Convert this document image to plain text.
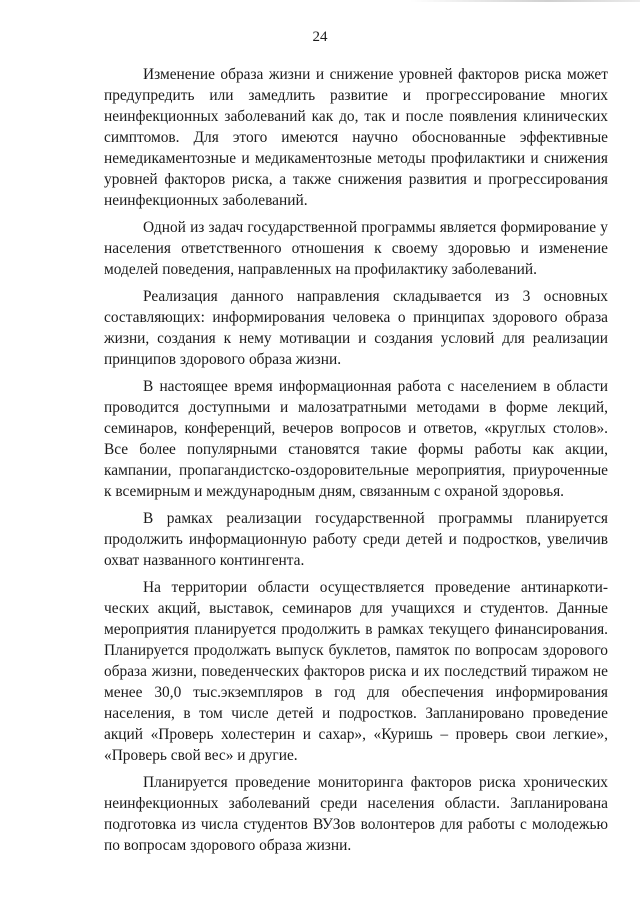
24

Изменение образа жизни и снижение уровней факторов риска может предупредить или замедлить развитие и прогрессирование многих неинфекционных заболеваний как до, так и после появления клинических симптомов. Для этого имеются научно обоснованные эффективные немедикаментозные и медикаментозные методы профилактики и снижения уровней факторов риска, а также снижения развития и прогрессирования неинфекционных заболеваний.

Одной из задач государственной программы является формирование у населения ответственного отношения к своему здоровью и изменение моделей поведения, направленных на профилактику заболеваний.

Реализация данного направления складывается из 3 основных составляющих: информирования человека о принципах здорового образа жизни, создания к нему мотивации и создания условий для реализации принципов здорового образа жизни.

В настоящее время информационная работа с населением в области проводится доступными и малозатратными методами в форме лекций, семинаров, конференций, вечеров вопросов и ответов, «круглых столов». Все более популярными становятся такие формы работы как акции, кампании, пропагандистско-оздоровительные мероприятия, приуроченные к всемирным и международным дням, связанным с охраной здоровья.

В рамках реализации государственной программы планируется продолжить информационную работу среди детей и подростков, увеличив охват названного контингента.

На территории области осуществляется проведение антинаркотических акций, выставок, семинаров для учащихся и студентов. Данные мероприятия планируется продолжить в рамках текущего финансирования. Планируется продолжать выпуск буклетов, памяток по вопросам здорового образа жизни, поведенческих факторов риска и их последствий тиражом не менее 30,0 тыс.экземпляров в год для обеспечения информирования населения, в том числе детей и подростков. Запланировано проведение акций «Проверь холестерин и сахар», «Куришь – проверь свои легкие», «Проверь свой вес» и другие.

Планируется проведение мониторинга факторов риска хронических неинфекционных заболеваний среди населения области. Запланирована подготовка из числа студентов ВУЗов волонтеров для работы с молодежью по вопросам здорового образа жизни.
